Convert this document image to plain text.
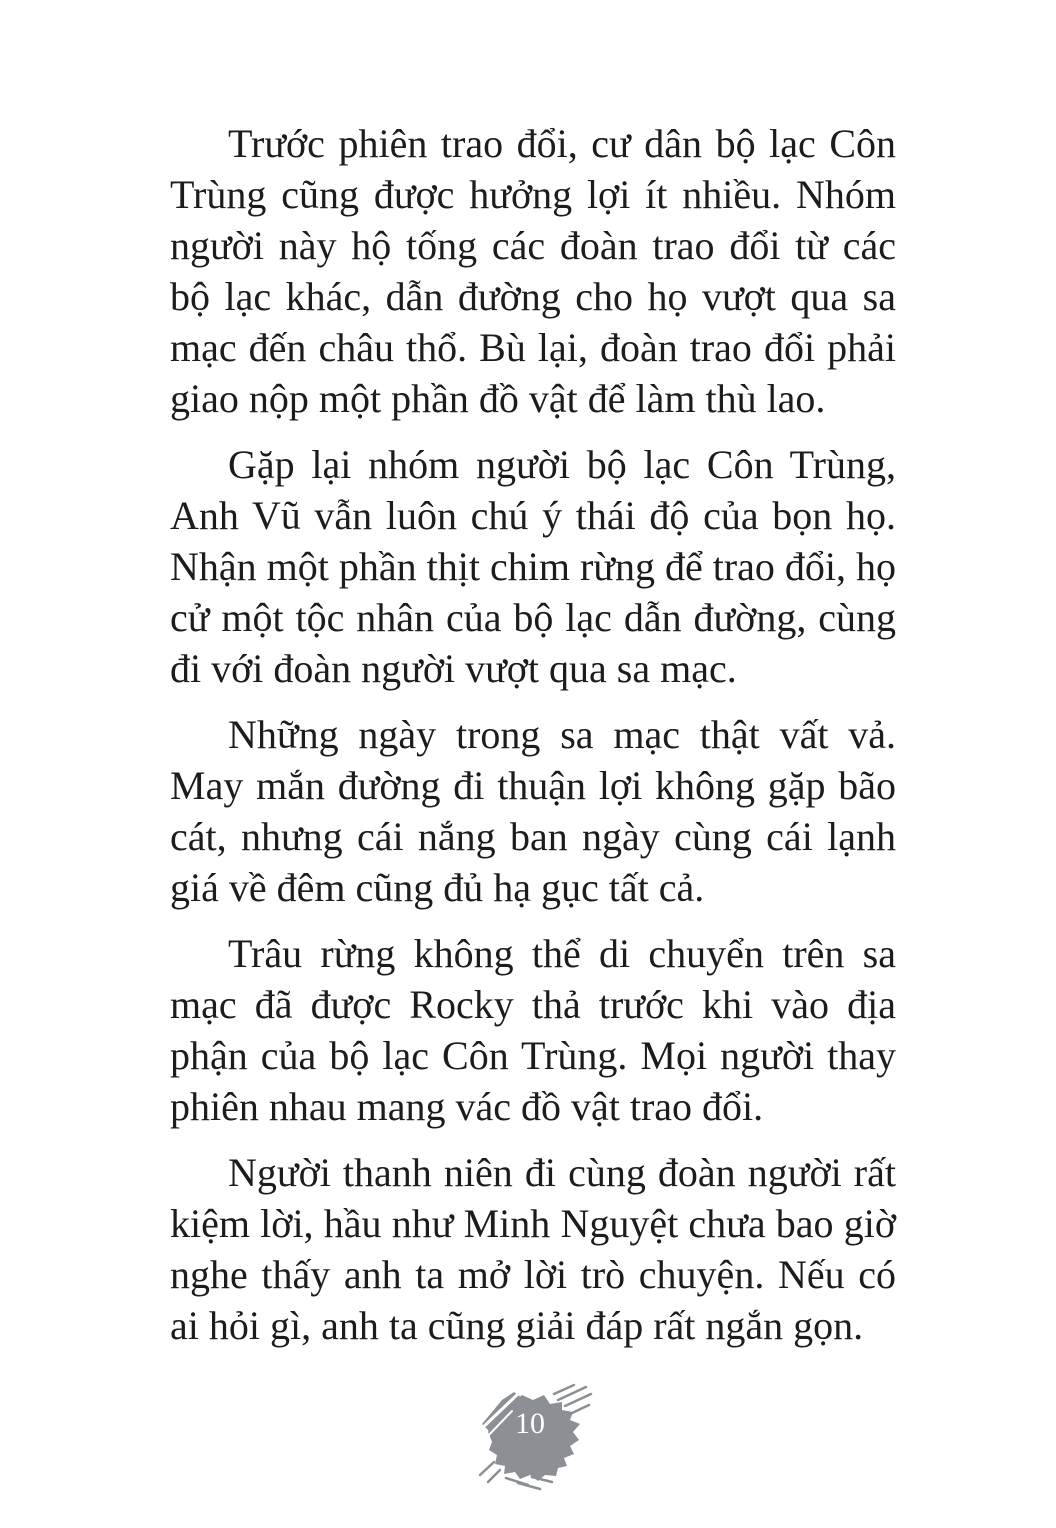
Trước phiên trao đổi, cư dân bộ lạc Côn Trùng cũng được hưởng lợi ít nhiều. Nhóm người này hộ tống các đoàn trao đổi từ các bộ lạc khác, dẫn đường cho họ vượt qua sa mạc đến châu thổ. Bù lại, đoàn trao đổi phải giao nộp một phần đồ vật để làm thù lao.

Gặp lại nhóm người bộ lạc Côn Trùng, Anh Vũ vẫn luôn chú ý thái độ của bọn họ. Nhận một phần thịt chim rừng để trao đổi, họ cử một tộc nhân của bộ lạc dẫn đường, cùng đi với đoàn người vượt qua sa mạc.

Những ngày trong sa mạc thật vất vả. May mắn đường đi thuận lợi không gặp bão cát, nhưng cái nắng ban ngày cùng cái lạnh giá về đêm cũng đủ hạ gục tất cả.

Trâu rừng không thể di chuyển trên sa mạc đã được Rocky thả trước khi vào địa phận của bộ lạc Côn Trùng. Mọi người thay phiên nhau mang vác đồ vật trao đổi.

Người thanh niên đi cùng đoàn người rất kiệm lời, hầu như Minh Nguyệt chưa bao giờ nghe thấy anh ta mở lời trò chuyện. Nếu có ai hỏi gì, anh ta cũng giải đáp rất ngắn gọn.

10
